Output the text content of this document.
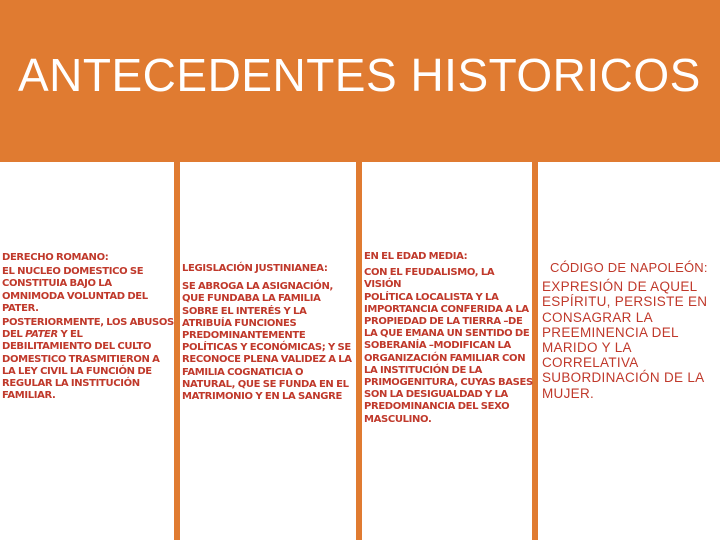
ANTECEDENTES HISTORICOS
DERECHO ROMANO:
EL NUCLEO DOMESTICO SE
CONSTITUIA BAJO LA
OMNIMODA VOLUNTAD DEL
PATER.
POSTERIORMENTE, LOS ABUSOS
DEL PATER Y EL
DEBILITAMIENTO DEL CULTO
DOMESTICO TRASMITIERON A
LA LEY CIVIL LA FUNCIÓN DE
REGULAR LA INSTITUCIÓN
FAMILIAR.
LEGISLACIÓN JUSTINIANEA:
SE ABROGA LA ASIGNACIÓN,
QUE FUNDABA LA FAMILIA
SOBRE EL INTERÉS Y LA
ATRIBUÍA FUNCIONES
PREDOMINANTEMENTE
POLÍTICAS Y ECONÓMICAS; Y SE
RECONOCE PLENA VALIDEZ A LA
FAMILIA COGNATICIA O
NATURAL, QUE SE FUNDA EN EL
MATRIMONIO Y EN LA SANGRE
EN EL EDAD MEDIA:
CON EL FEUDALISMO, LA VISIÓN
POLÍTICA LOCALISTA Y LA
IMPORTANCIA CONFERIDA A LA
PROPIEDAD DE LA TIERRA –DE
LA QUE EMANA UN SENTIDO DE
SOBERANÍA –MODIFICAN LA
ORGANIZACIÓN FAMILIAR CON
LA INSTITUCIÓN DE LA
PRIMOGENITURA, CUYAS BASES
SON LA DESIGUALDAD Y LA
PREDOMINANCIA DEL SEXO
MASCULINO.
CÓDIGO DE NAPOLEÓN:
EXPRESIÓN DE AQUEL
ESPÍRITU, PERSISTE EN
CONSAGRAR LA
PREEMINENCIA DEL
MARIDO Y LA
CORRELATIVA
SUBORDINACIÓN DE LA
MUJER.
